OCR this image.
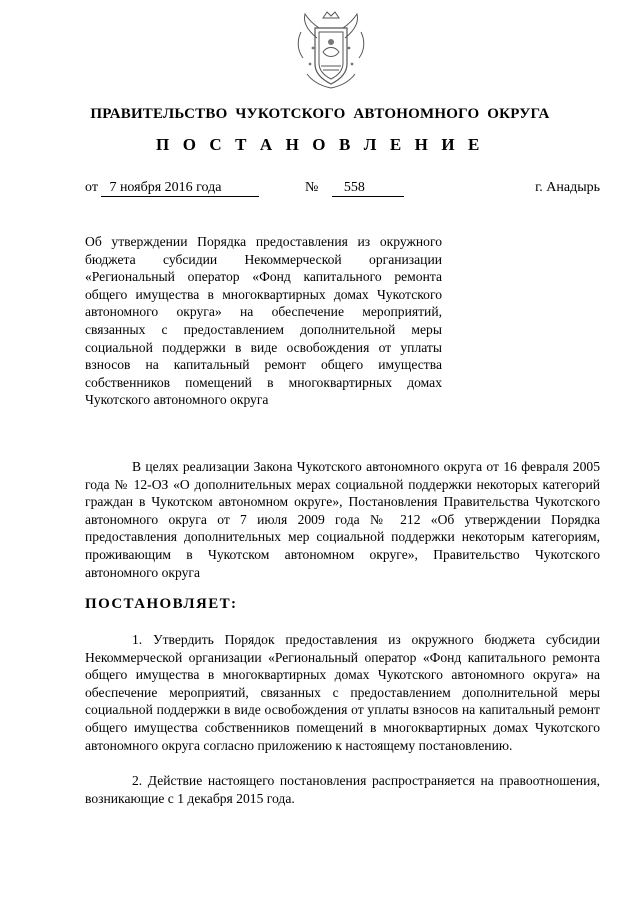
ПРАВИТЕЛЬСТВО ЧУКОТСКОГО АВТОНОМНОГО ОКРУГА
П О С Т А Н О В Л Е Н И Е
от 7 ноября 2016 года	№ 558	г. Анадырь
Об утверждении Порядка предоставления из окружного бюджета субсидии Некоммерческой организации «Региональный оператор «Фонд капитального ремонта общего имущества в многоквартирных домах Чукотского автономного округа» на обеспечение мероприятий, связанных с предоставлением дополнительной меры социальной поддержки в виде освобождения от уплаты взносов на капитальный ремонт общего имущества собственников помещений в многоквартирных домах Чукотского автономного округа

В целях реализации Закона Чукотского автономного округа от 16 февраля 2005 года № 12-ОЗ «О дополнительных мерах социальной поддержки некоторых категорий граждан в Чукотском автономном округе», Постановления Правительства Чукотского автономного округа от 7 июля 2009 года № 212 «Об утверждении Порядка предоставления дополнительных мер социальной поддержки некоторым категориям, проживающим в Чукотском автономном округе», Правительство Чукотского автономного округа

ПОСТАНОВЛЯЕТ:

1. Утвердить Порядок предоставления из окружного бюджета субсидии Некоммерческой организации «Региональный оператор «Фонд капитального ремонта общего имущества в многоквартирных домах Чукотского автономного округа» на обеспечение мероприятий, связанных с предоставлением дополнительной меры социальной поддержки в виде освобождения от уплаты взносов на капитальный ремонт общего имущества собственников помещений в многоквартирных домах Чукотского автономного округа согласно приложению к настоящему постановлению.

2. Действие настоящего постановления распространяется на правоотношения, возникающие с 1 декабря 2015 года.
